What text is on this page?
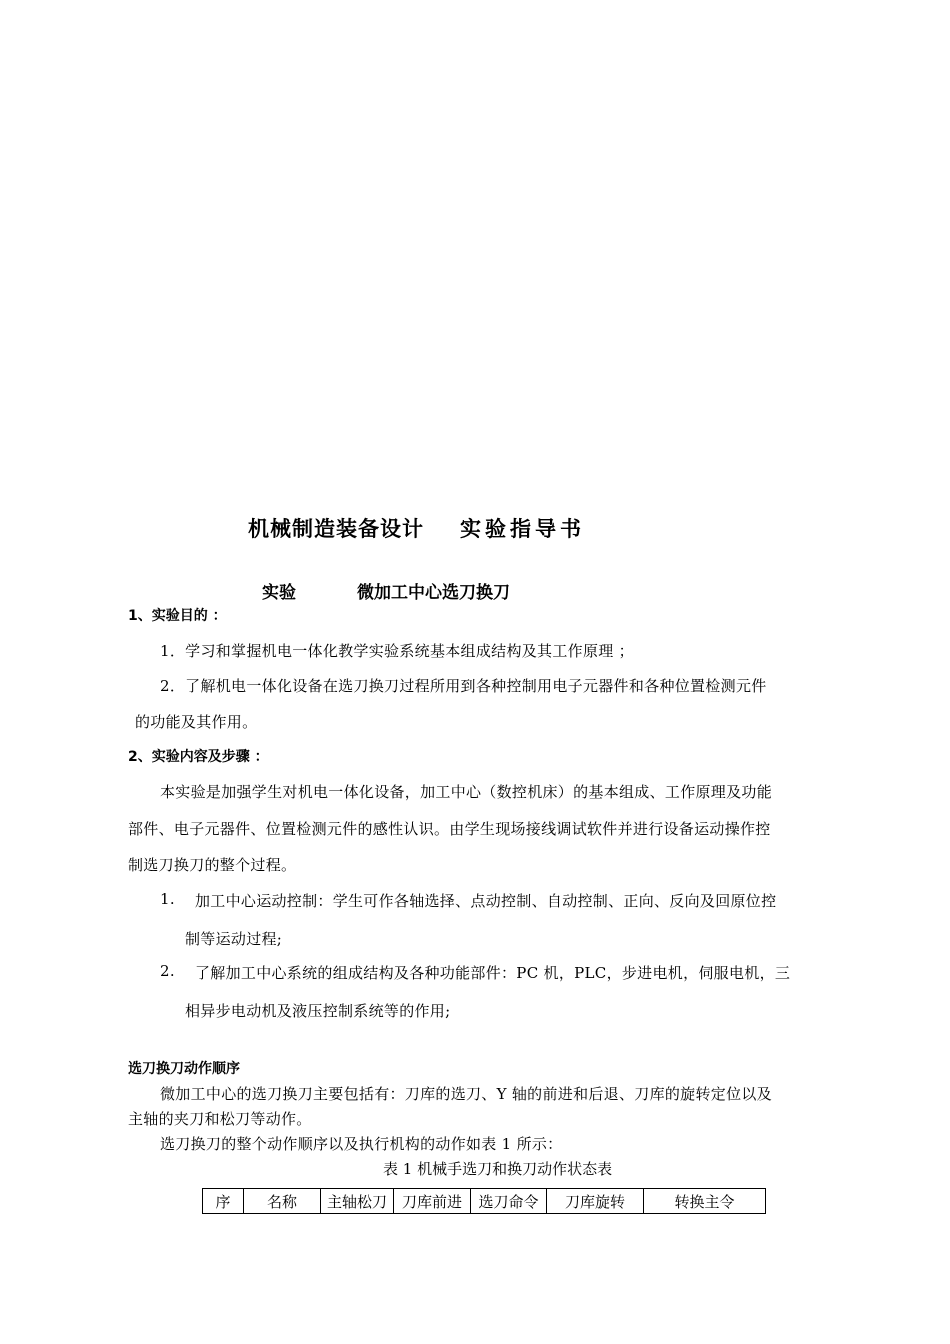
机械制造装备设计 实验指导书
实验	微加工中心选刀换刀
1、实验目的 ：
1．学习和掌握机电一体化教学实验系统基本组成结构及其工作原理 ；
2．了解机电一体化设备在选刀换刀过程所用到各种控制用电子元器件和各种位置检测元件
的功能及其作用。
2、实验内容及步骤 ：
本实验是加强学生对机电一体化设备，加工中心（数控机床）的基本组成、工作原理及功能
部件、电子元器件、位置检测元件的感性认识。由学生现场接线调试软件并进行设备运动操作控
制选刀换刀的整个过程。
1. 加工中心运动控制：学生可作各轴选择、点动控制、自动控制、正向、反向及回原位控
制等运动过程;
2. 了解加工中心系统的组成结构及各种功能部件：PC 机，PLC，步进电机，伺服电机，三
相异步电动机及液压控制系统等的作用;
选刀换刀动作顺序
微加工中心的选刀换刀主要包括有：刀库的选刀、Y 轴的前进和后退、刀库的旋转定位以及
主轴的夹刀和松刀等动作。
选刀换刀的整个动作顺序以及执行机构的动作如表 1 所示：
表 1 机械手选刀和换刀动作状态表
序	名称	主轴松刀	刀库前进	选刀命令	刀库旋转	转换主令
